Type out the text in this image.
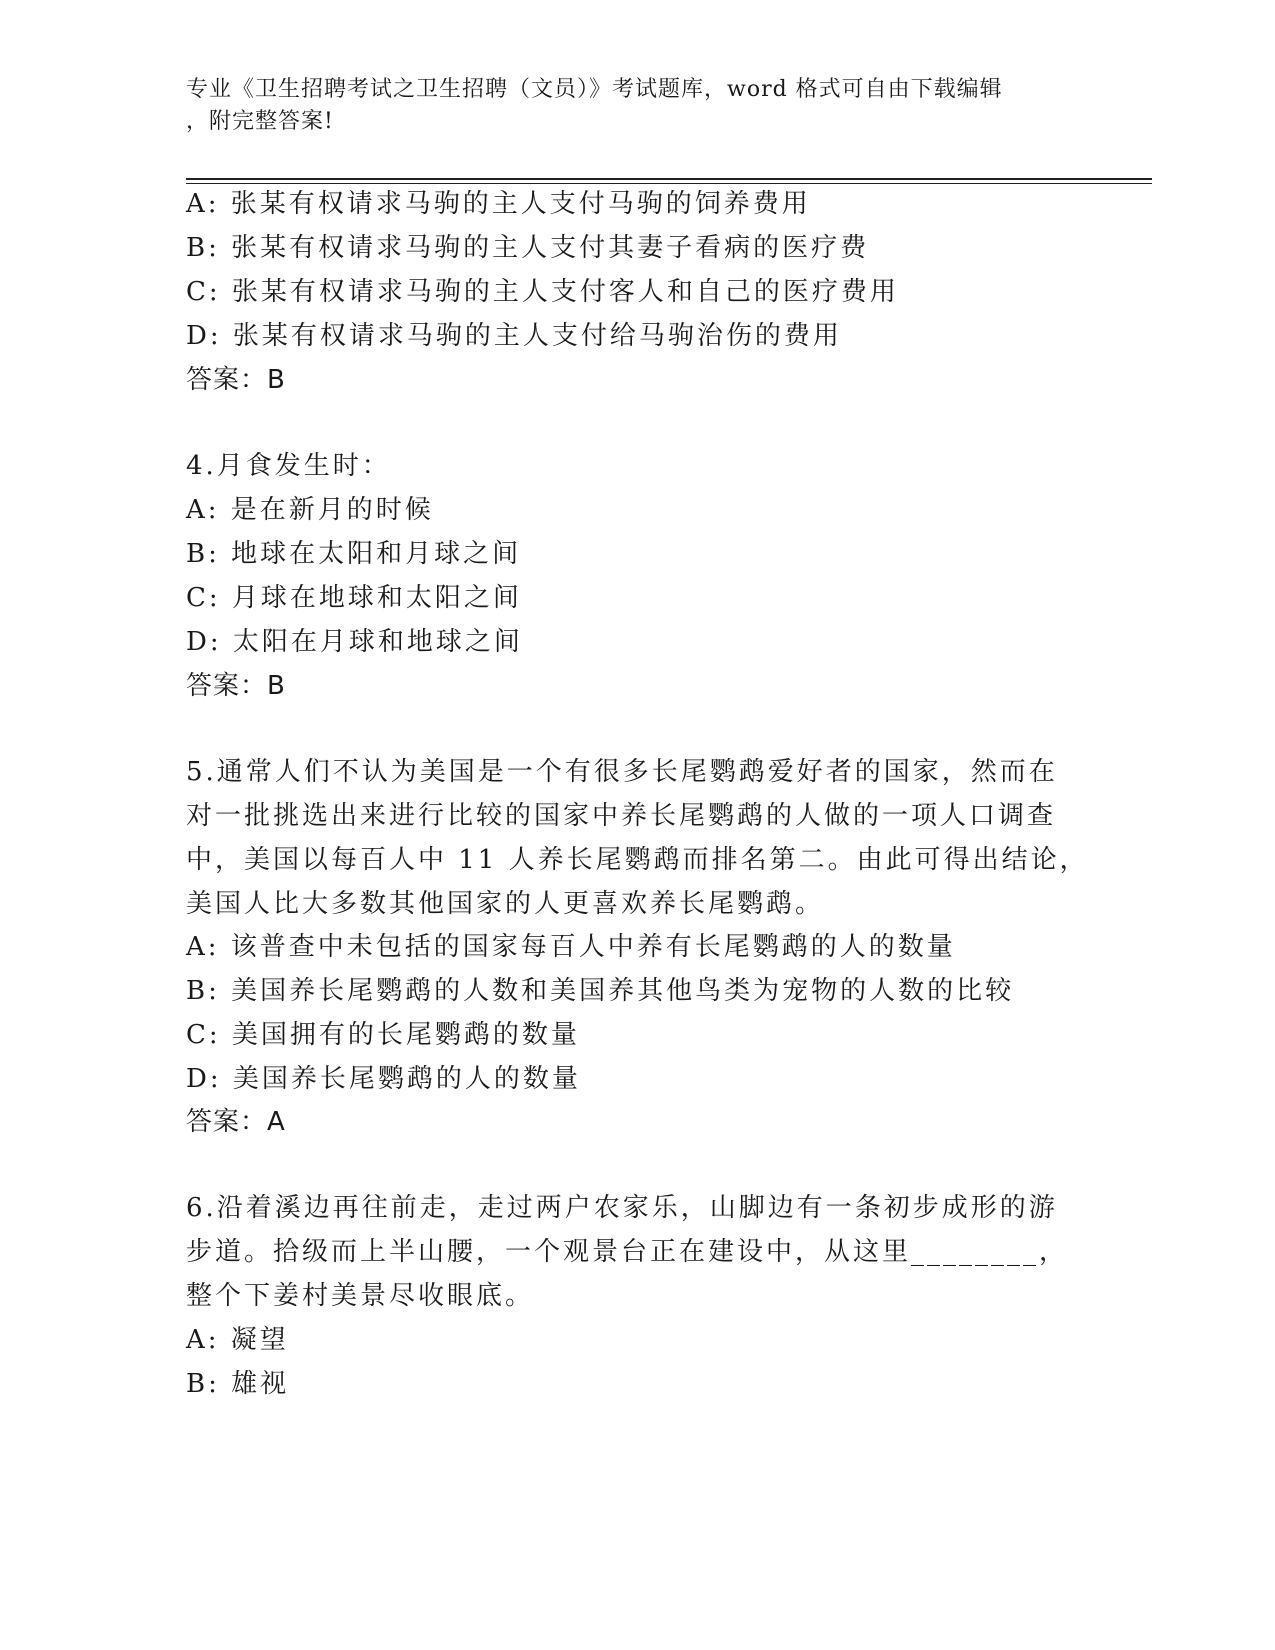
专业《卫生招聘考试之卫生招聘（文员）》考试题库，word 格式可自由下载编辑
，附完整答案!
A: 张某有权请求马驹的主人支付马驹的饲养费用
B: 张某有权请求马驹的主人支付其妻子看病的医疗费
C: 张某有权请求马驹的主人支付客人和自己的医疗费用
D: 张某有权请求马驹的主人支付给马驹治伤的费用
答案：B
4.月食发生时：
A: 是在新月的时候
B: 地球在太阳和月球之间
C: 月球在地球和太阳之间
D: 太阳在月球和地球之间
答案：B
5.通常人们不认为美国是一个有很多长尾鹦鹉爱好者的国家，然而在
对一批挑选出来进行比较的国家中养长尾鹦鹉的人做的一项人口调查
中，美国以每百人中 11 人养长尾鹦鹉而排名第二。由此可得出结论，
美国人比大多数其他国家的人更喜欢养长尾鹦鹉。
A: 该普查中未包括的国家每百人中养有长尾鹦鹉的人的数量
B: 美国养长尾鹦鹉的人数和美国养其他鸟类为宠物的人数的比较
C: 美国拥有的长尾鹦鹉的数量
D: 美国养长尾鹦鹉的人的数量
答案：A
6.沿着溪边再往前走，走过两户农家乐，山脚边有一条初步成形的游
步道。拾级而上半山腰，一个观景台正在建设中，从这里________，
整个下姜村美景尽收眼底。
A: 凝望
B: 雄视
